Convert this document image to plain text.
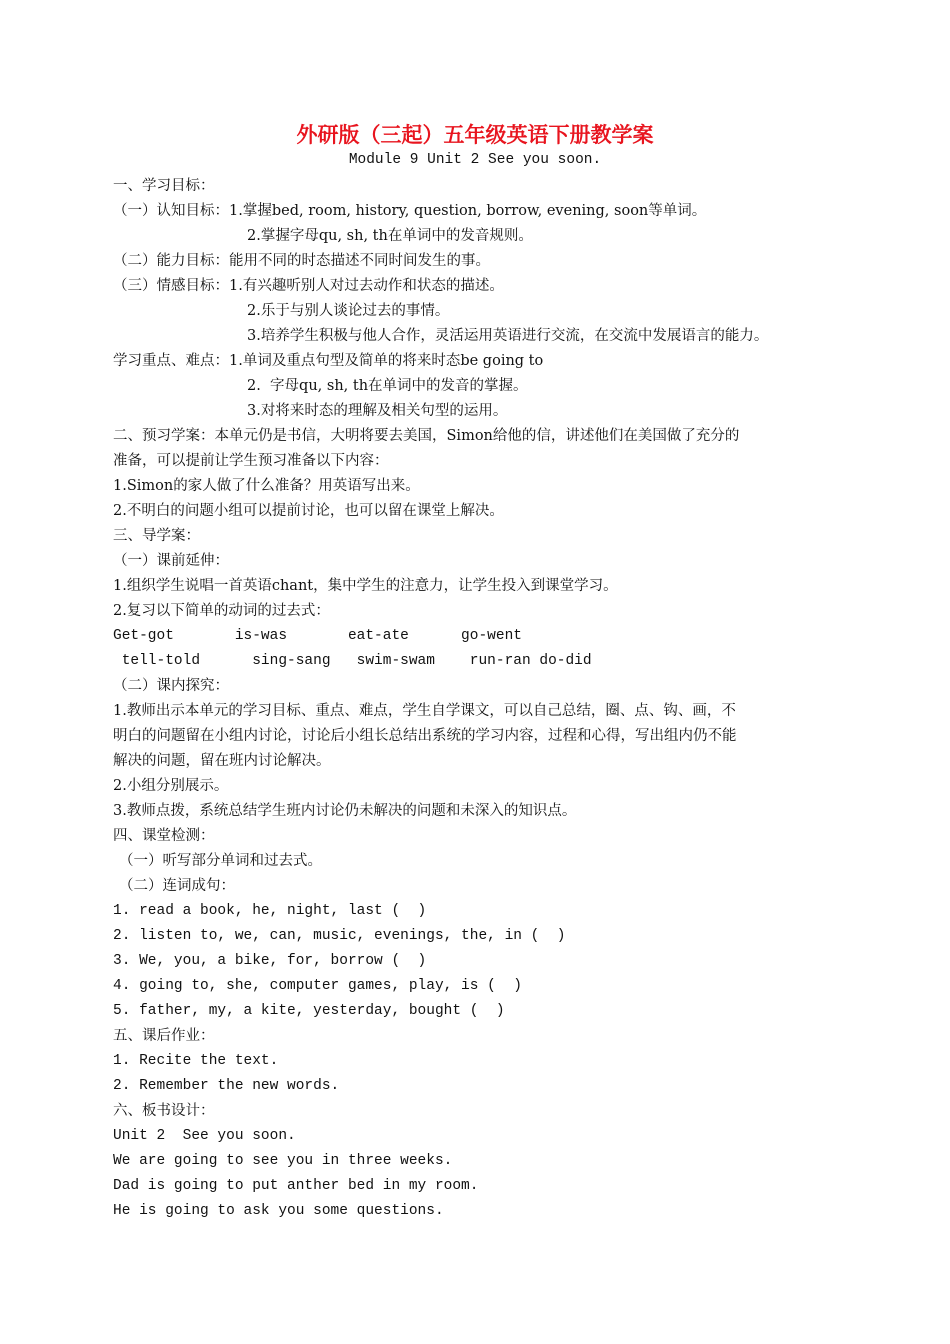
外研版（三起）五年级英语下册教学案
Module 9 Unit 2 See you soon.
一、学习目标：
（一）认知目标：1.掌握bed, room, history, question, borrow, evening, soon等单词。
2.掌握字母qu, sh, th在单词中的发音规则。
（二）能力目标：能用不同的时态描述不同时间发生的事。
（三）情感目标：1.有兴趣听别人对过去动作和状态的描述。
2.乐于与别人谈论过去的事情。
3.培养学生积极与他人合作，灵活运用英语进行交流，在交流中发展语言的能力。
学习重点、难点：1.单词及重点句型及简单的将来时态be going to
2.  字母qu, sh, th在单词中的发音的掌握。
3.对将来时态的理解及相关句型的运用。
二、预习学案：本单元仍是书信，大明将要去美国，Simon给他的信，讲述他们在美国做了充分的
准备，可以提前让学生预习准备以下内容：
1.Simon的家人做了什么准备？用英语写出来。
2.不明白的问题小组可以提前讨论，也可以留在课堂上解决。
三、导学案：
（一）课前延伸：
1.组织学生说唱一首英语chant，集中学生的注意力，让学生投入到课堂学习。
2.复习以下简单的动词的过去式：
Get-got       is-was       eat-ate      go-went
tell-told      sing-sang   swim-swam    run-ran do-did
（二）课内探究：
1.教师出示本单元的学习目标、重点、难点，学生自学课文，可以自己总结，圈、点、钩、画，不
明白的问题留在小组内讨论，讨论后小组长总结出系统的学习内容，过程和心得，写出组内仍不能
解决的问题，留在班内讨论解决。
2.小组分别展示。
3.教师点拨，系统总结学生班内讨论仍未解决的问题和未深入的知识点。
四、课堂检测：
（一）听写部分单词和过去式。
（二）连词成句：
1. read a book, he, night, last (  )
2. listen to, we, can, music, evenings, the, in (  )
3. We, you, a bike, for, borrow (  )
4. going to, she, computer games, play, is (  )
5. father, my, a kite, yesterday, bought (  )
五、课后作业：
1. Recite the text.
2. Remember the new words.
六、板书设计：
Unit 2  See you soon.
We are going to see you in three weeks.
Dad is going to put anther bed in my room.
He is going to ask you some questions.
